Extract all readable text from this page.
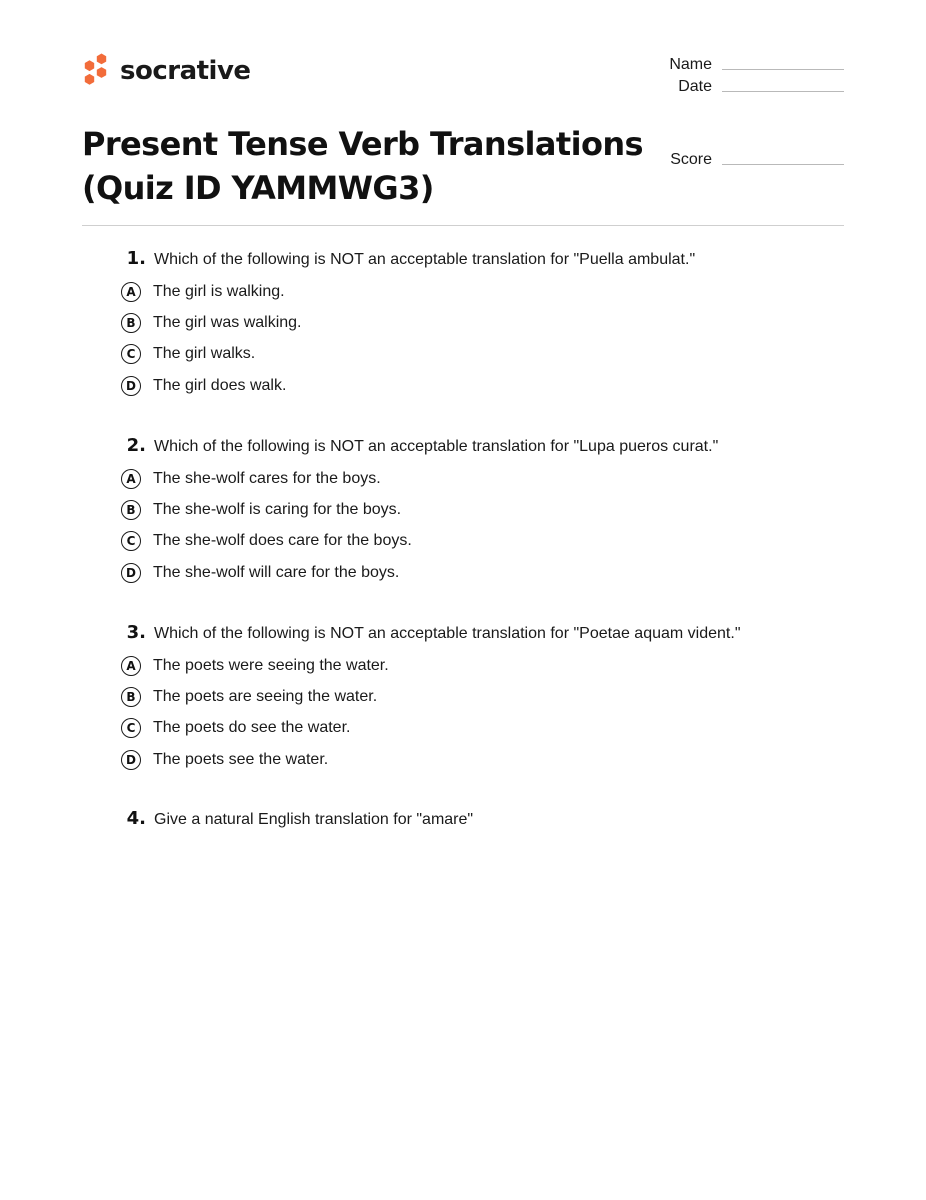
socrative
Present Tense Verb Translations (Quiz ID YAMMWG3)
Name
Date
Score
1. Which of the following is NOT an acceptable translation for "Puella ambulat."
A	The girl is walking.
B	The girl was walking.
C	The girl walks.
D	The girl does walk.
2. Which of the following is NOT an acceptable translation for "Lupa pueros curat."
A	The she-wolf cares for the boys.
B	The she-wolf is caring for the boys.
C	The she-wolf does care for the boys.
D	The she-wolf will care for the boys.
3. Which of the following is NOT an acceptable translation for "Poetae aquam vident."
A	The poets were seeing the water.
B	The poets are seeing the water.
C	The poets do see the water.
D	The poets see the water.
4. Give a natural English translation for "amare"
